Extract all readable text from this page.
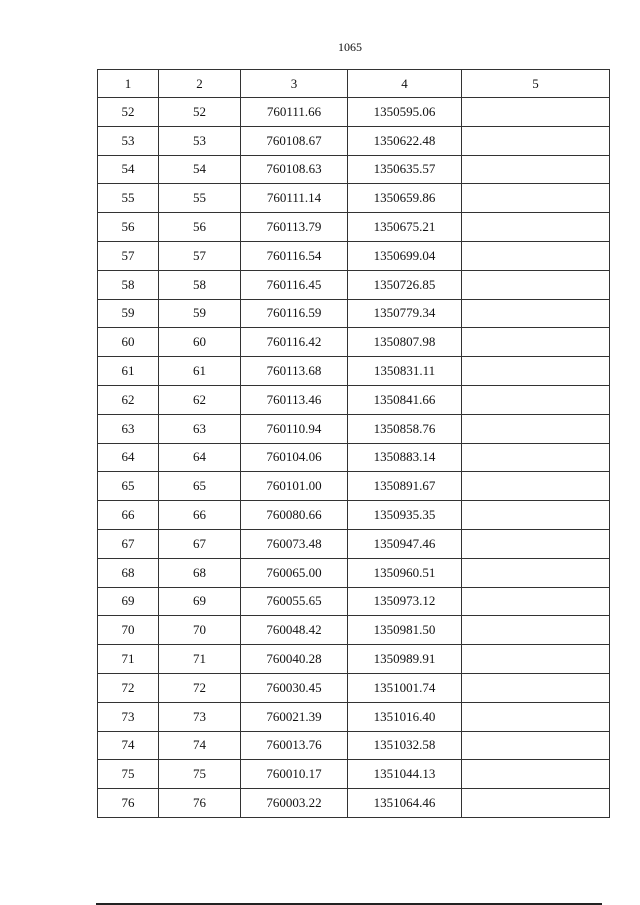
1065
1	2	3	4	5
52	52	760111.66	1350595.06	
53	53	760108.67	1350622.48	
54	54	760108.63	1350635.57	
55	55	760111.14	1350659.86	
56	56	760113.79	1350675.21	
57	57	760116.54	1350699.04	
58	58	760116.45	1350726.85	
59	59	760116.59	1350779.34	
60	60	760116.42	1350807.98	
61	61	760113.68	1350831.11	
62	62	760113.46	1350841.66	
63	63	760110.94	1350858.76	
64	64	760104.06	1350883.14	
65	65	760101.00	1350891.67	
66	66	760080.66	1350935.35	
67	67	760073.48	1350947.46	
68	68	760065.00	1350960.51	
69	69	760055.65	1350973.12	
70	70	760048.42	1350981.50	
71	71	760040.28	1350989.91	
72	72	760030.45	1351001.74	
73	73	760021.39	1351016.40	
74	74	760013.76	1351032.58	
75	75	760010.17	1351044.13	
76	76	760003.22	1351064.46	
